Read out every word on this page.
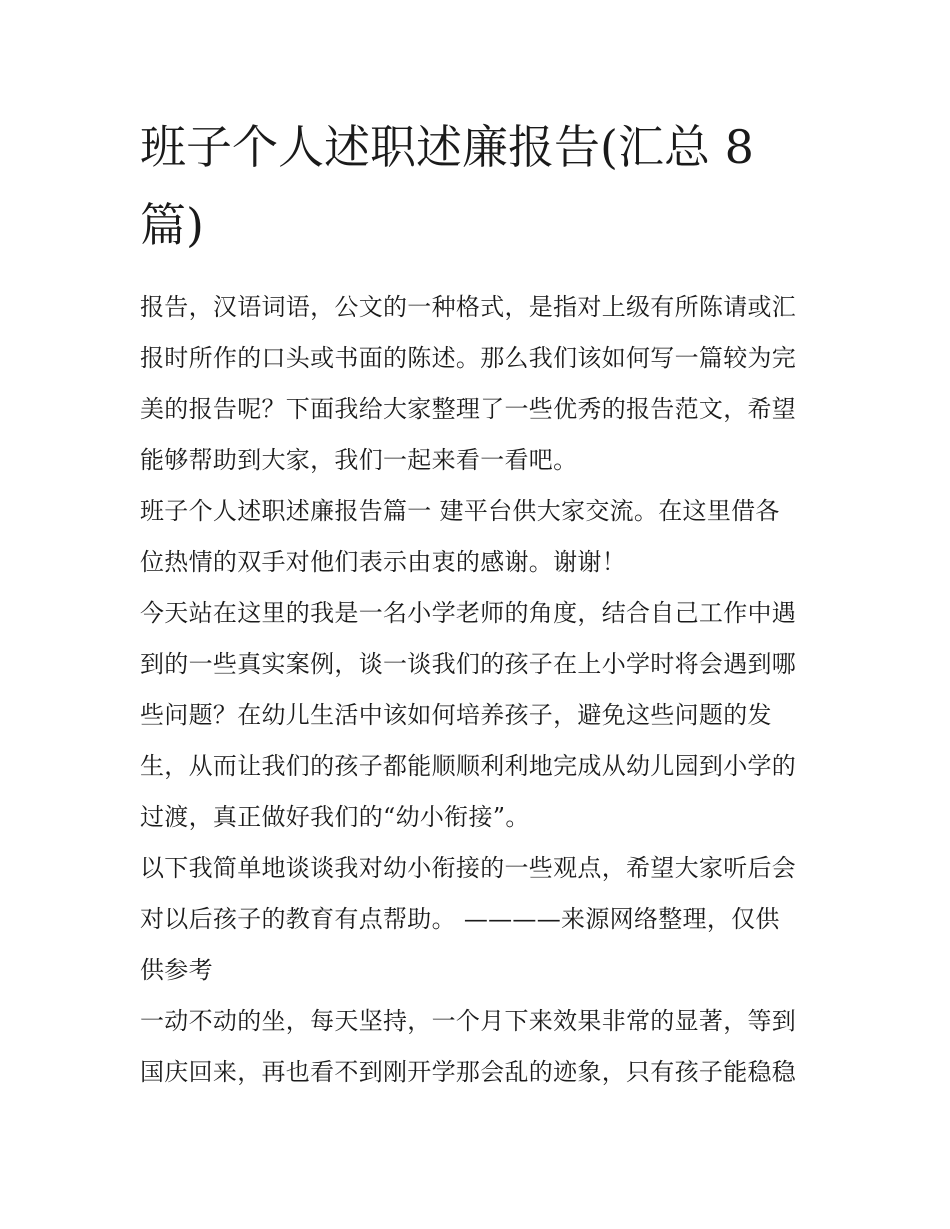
班子个人述职述廉报告(汇总 8
篇)

报告，汉语词语，公文的一种格式，是指对上级有所陈请或汇
报时所作的口头或书面的陈述。那么我们该如何写一篇较为完
美的报告呢？下面我给大家整理了一些优秀的报告范文，希望
能够帮助到大家，我们一起来看一看吧。

班子个人述职述廉报告篇一 建平台供大家交流。在这里借各
位热情的双手对他们表示由衷的感谢。谢谢！

今天站在这里的我是一名小学老师的角度，结合自己工作中遇
到的一些真实案例，谈一谈我们的孩子在上小学时将会遇到哪
些问题？在幼儿生活中该如何培养孩子，避免这些问题的发
生，从而让我们的孩子都能顺顺利利地完成从幼儿园到小学的
过渡，真正做好我们的“幼小衔接”。

以下我简单地谈谈我对幼小衔接的一些观点，希望大家听后会
对以后孩子的教育有点帮助。 ————来源网络整理，仅供
供参考

一动不动的坐，每天坚持，一个月下来效果非常的显著，等到
国庆回来，再也看不到刚开学那会乱的迹象，只有孩子能稳稳
